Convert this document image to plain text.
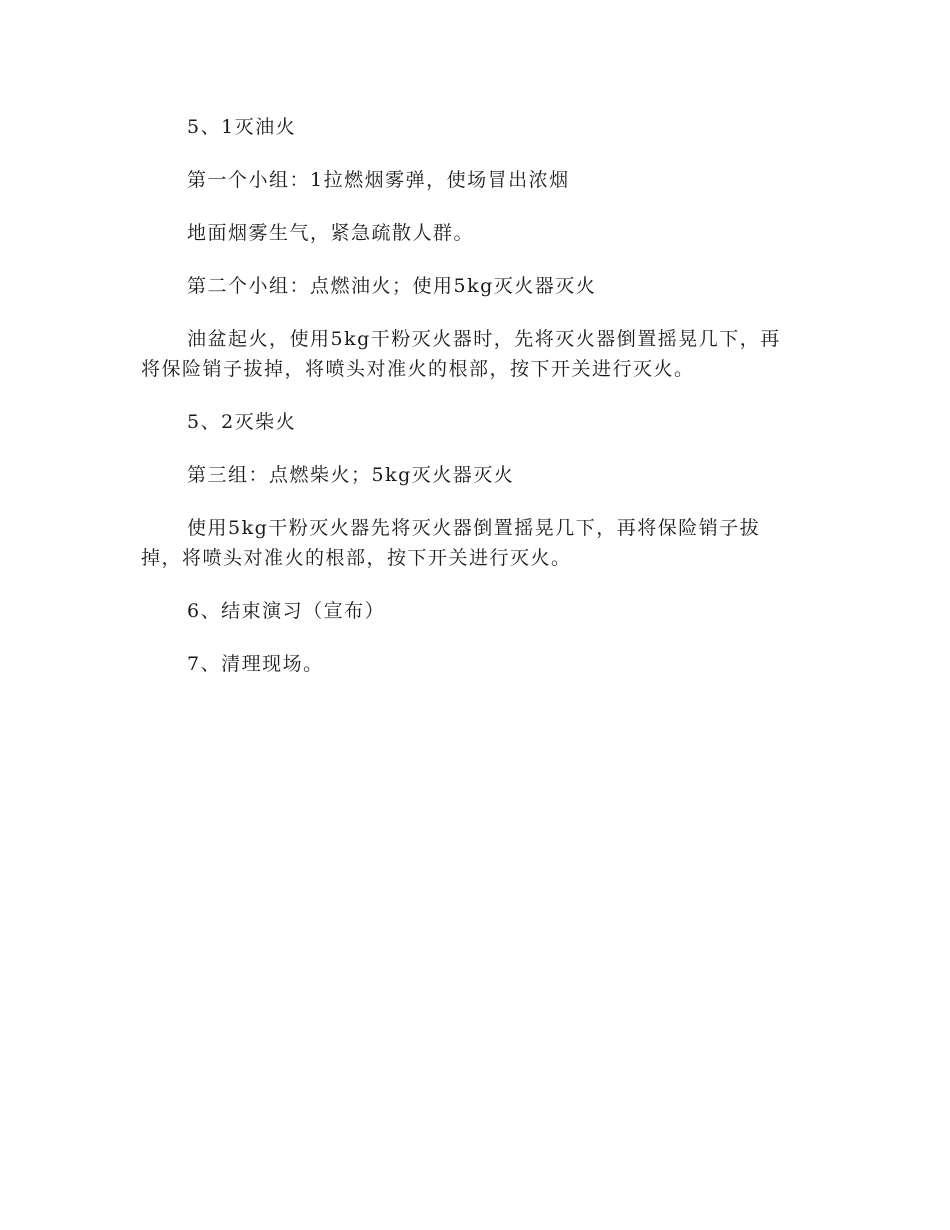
5、1灭油火

第一个小组：1拉燃烟雾弹，使场冒出浓烟

地面烟雾生气，紧急疏散人群。

第二个小组：点燃油火；使用5kg灭火器灭火

油盆起火，使用5kg干粉灭火器时，先将灭火器倒置摇晃几下，再将保险销子拔掉，将喷头对准火的根部，按下开关进行灭火。

5、2灭柴火

第三组：点燃柴火；5kg灭火器灭火

使用5kg干粉灭火器先将灭火器倒置摇晃几下，再将保险销子拔掉，将喷头对准火的根部，按下开关进行灭火。

6、结束演习（宣布）

7、清理现场。
